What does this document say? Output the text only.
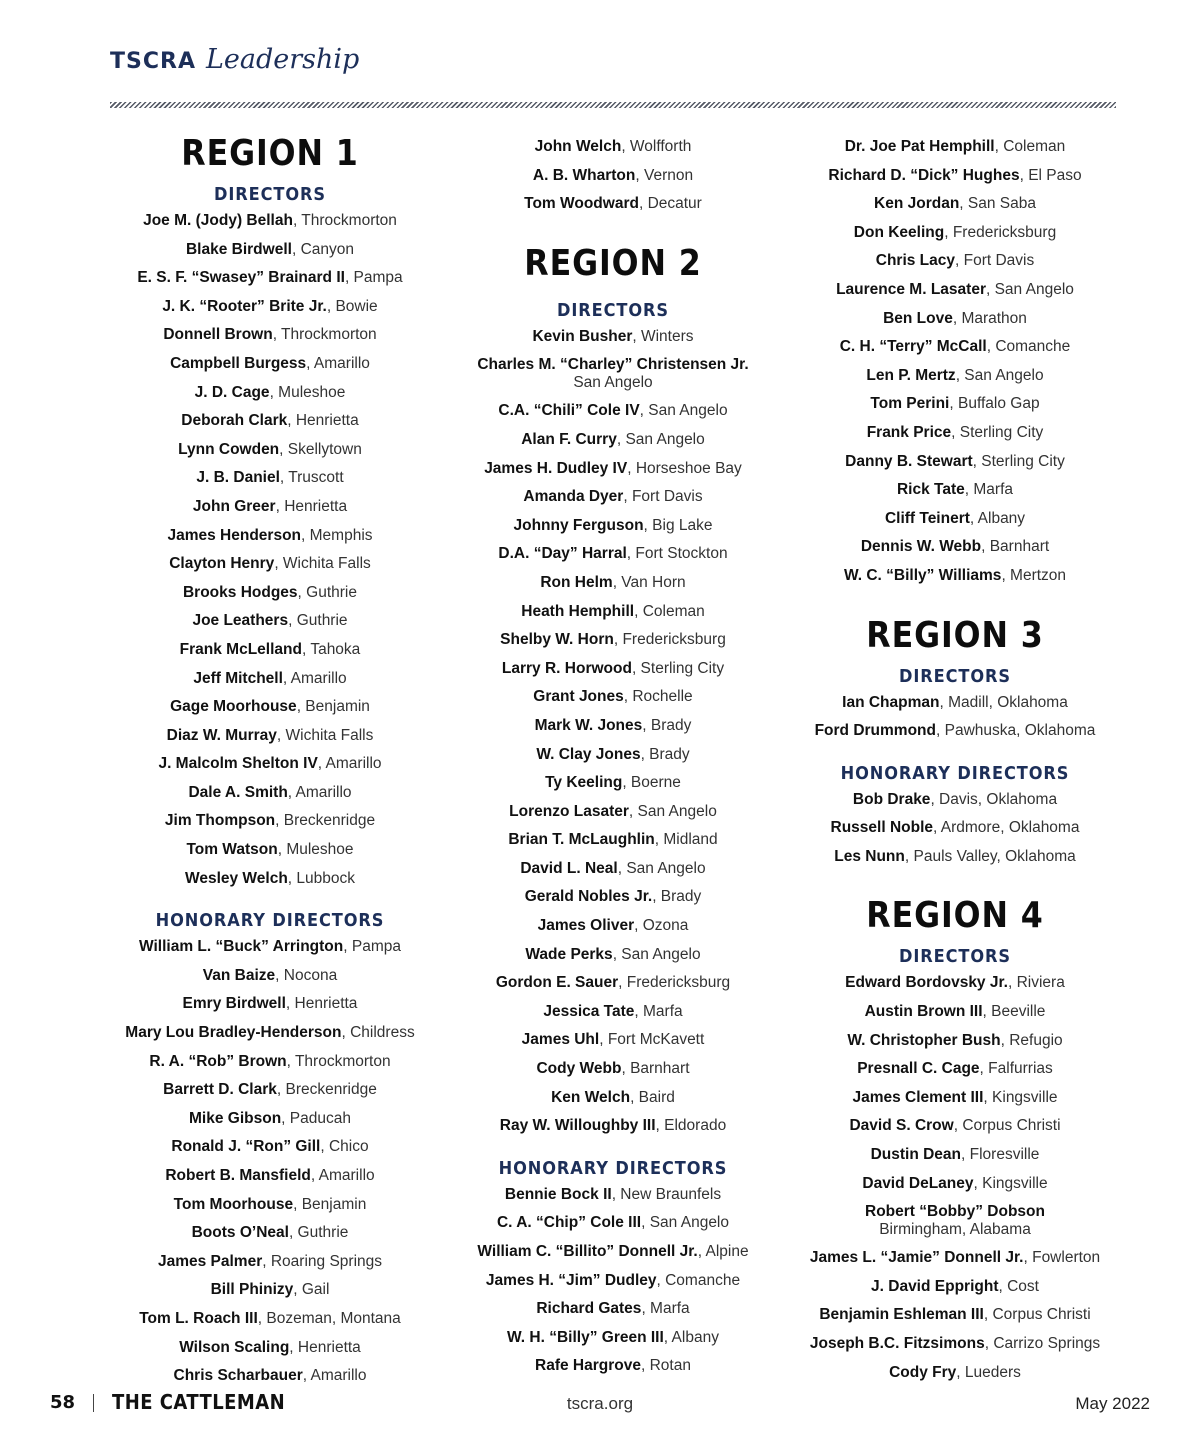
TSCRA Leadership
REGION 1
DIRECTORS
Joe M. (Jody) Bellah, Throckmorton
Blake Birdwell, Canyon
E. S. F. “Swasey” Brainard II, Pampa
J. K. “Rooter” Brite Jr., Bowie
Donnell Brown, Throckmorton
Campbell Burgess, Amarillo
J. D. Cage, Muleshoe
Deborah Clark, Henrietta
Lynn Cowden, Skellytown
J. B. Daniel, Truscott
John Greer, Henrietta
James Henderson, Memphis
Clayton Henry, Wichita Falls
Brooks Hodges, Guthrie
Joe Leathers, Guthrie
Frank McLelland, Tahoka
Jeff Mitchell, Amarillo
Gage Moorhouse, Benjamin
Diaz W. Murray, Wichita Falls
J. Malcolm Shelton IV, Amarillo
Dale A. Smith, Amarillo
Jim Thompson, Breckenridge
Tom Watson, Muleshoe
Wesley Welch, Lubbock
HONORARY DIRECTORS
William L. “Buck” Arrington, Pampa
Van Baize, Nocona
Emry Birdwell, Henrietta
Mary Lou Bradley-Henderson, Childress
R. A. “Rob” Brown, Throckmorton
Barrett D. Clark, Breckenridge
Mike Gibson, Paducah
Ronald J. “Ron” Gill, Chico
Robert B. Mansfield, Amarillo
Tom Moorhouse, Benjamin
Boots O’Neal, Guthrie
James Palmer, Roaring Springs
Bill Phinizy, Gail
Tom L. Roach III, Bozeman, Montana
Wilson Scaling, Henrietta
Chris Scharbauer, Amarillo
John Welch, Wolfforth
A. B. Wharton, Vernon
Tom Woodward, Decatur
REGION 2
DIRECTORS
Kevin Busher, Winters
Charles M. “Charley” Christensen Jr.
San Angelo
C.A. “Chili” Cole IV, San Angelo
Alan F. Curry, San Angelo
James H. Dudley IV, Horseshoe Bay
Amanda Dyer, Fort Davis
Johnny Ferguson, Big Lake
D.A. “Day” Harral, Fort Stockton
Ron Helm, Van Horn
Heath Hemphill, Coleman
Shelby W. Horn, Fredericksburg
Larry R. Horwood, Sterling City
Grant Jones, Rochelle
Mark W. Jones, Brady
W. Clay Jones, Brady
Ty Keeling, Boerne
Lorenzo Lasater, San Angelo
Brian T. McLaughlin, Midland
David L. Neal, San Angelo
Gerald Nobles Jr., Brady
James Oliver, Ozona
Wade Perks, San Angelo
Gordon E. Sauer, Fredericksburg
Jessica Tate, Marfa
James Uhl, Fort McKavett
Cody Webb, Barnhart
Ken Welch, Baird
Ray W. Willoughby III, Eldorado
HONORARY DIRECTORS
Bennie Bock II, New Braunfels
C. A. “Chip” Cole III, San Angelo
William C. “Billito” Donnell Jr., Alpine
James H. “Jim” Dudley, Comanche
Richard Gates, Marfa
W. H. “Billy” Green III, Albany
Rafe Hargrove, Rotan
Dr. Joe Pat Hemphill, Coleman
Richard D. “Dick” Hughes, El Paso
Ken Jordan, San Saba
Don Keeling, Fredericksburg
Chris Lacy, Fort Davis
Laurence M. Lasater, San Angelo
Ben Love, Marathon
C. H. “Terry” McCall, Comanche
Len P. Mertz, San Angelo
Tom Perini, Buffalo Gap
Frank Price, Sterling City
Danny B. Stewart, Sterling City
Rick Tate, Marfa
Cliff Teinert, Albany
Dennis W. Webb, Barnhart
W. C. “Billy” Williams, Mertzon
REGION 3
DIRECTORS
Ian Chapman, Madill, Oklahoma
Ford Drummond, Pawhuska, Oklahoma
HONORARY DIRECTORS
Bob Drake, Davis, Oklahoma
Russell Noble, Ardmore, Oklahoma
Les Nunn, Pauls Valley, Oklahoma
REGION 4
DIRECTORS
Edward Bordovsky Jr., Riviera
Austin Brown III, Beeville
W. Christopher Bush, Refugio
Presnall C. Cage, Falfurrias
James Clement III, Kingsville
David S. Crow, Corpus Christi
Dustin Dean, Floresville
David DeLaney, Kingsville
Robert “Bobby” Dobson
Birmingham, Alabama
James L. “Jamie” Donnell Jr., Fowlerton
J. David Eppright, Cost
Benjamin Eshleman III, Corpus Christi
Joseph B.C. Fitzsimons, Carrizo Springs
Cody Fry, Lueders
58 THE CATTLEMAN	tscra.org	May 2022
